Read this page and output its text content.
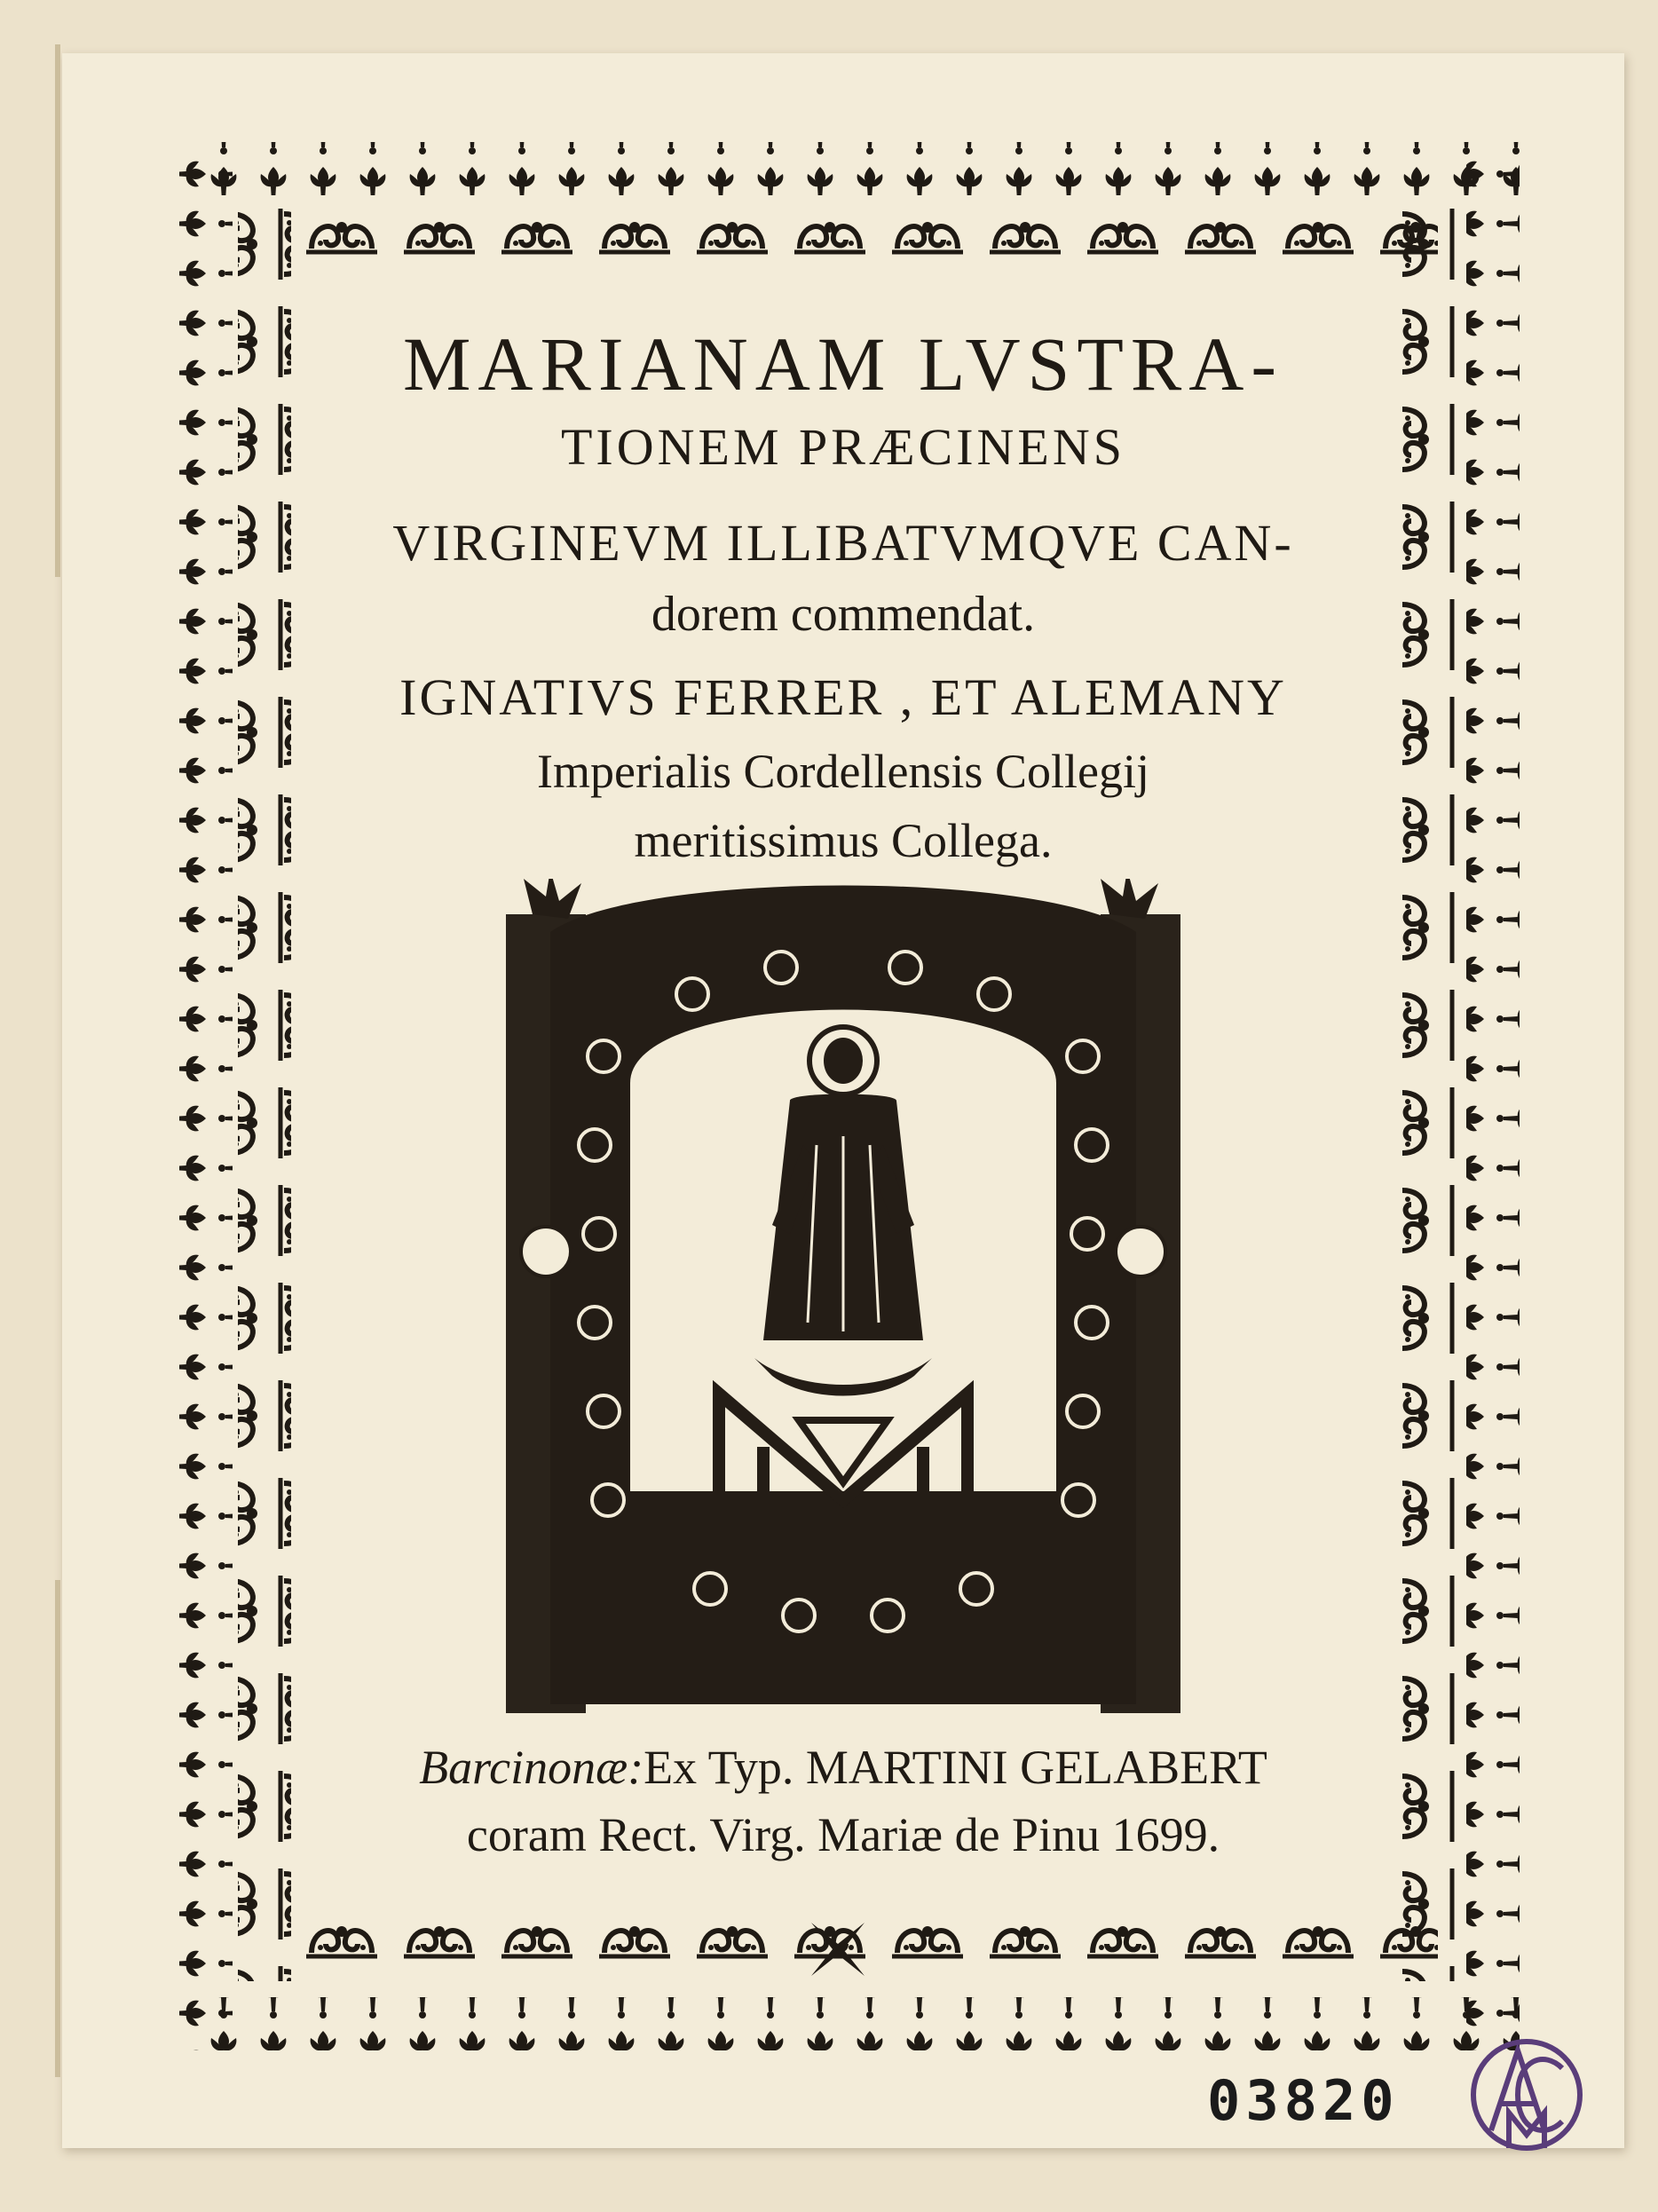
MARIANAM LVSTRA-
TIONEM PRÆCINENS
VIRGINEVM ILLIBATVMQVE CAN-
dorem commendat.
IGNATIVS FERRER , ET ALEMANY
Imperialis Cordellensis Collegij
meritissimus Collega.
Barcinonæ:Ex Typ. MARTINI GELABERT
coram Rect. Virg. Mariæ de Pinu 1699.
03820
